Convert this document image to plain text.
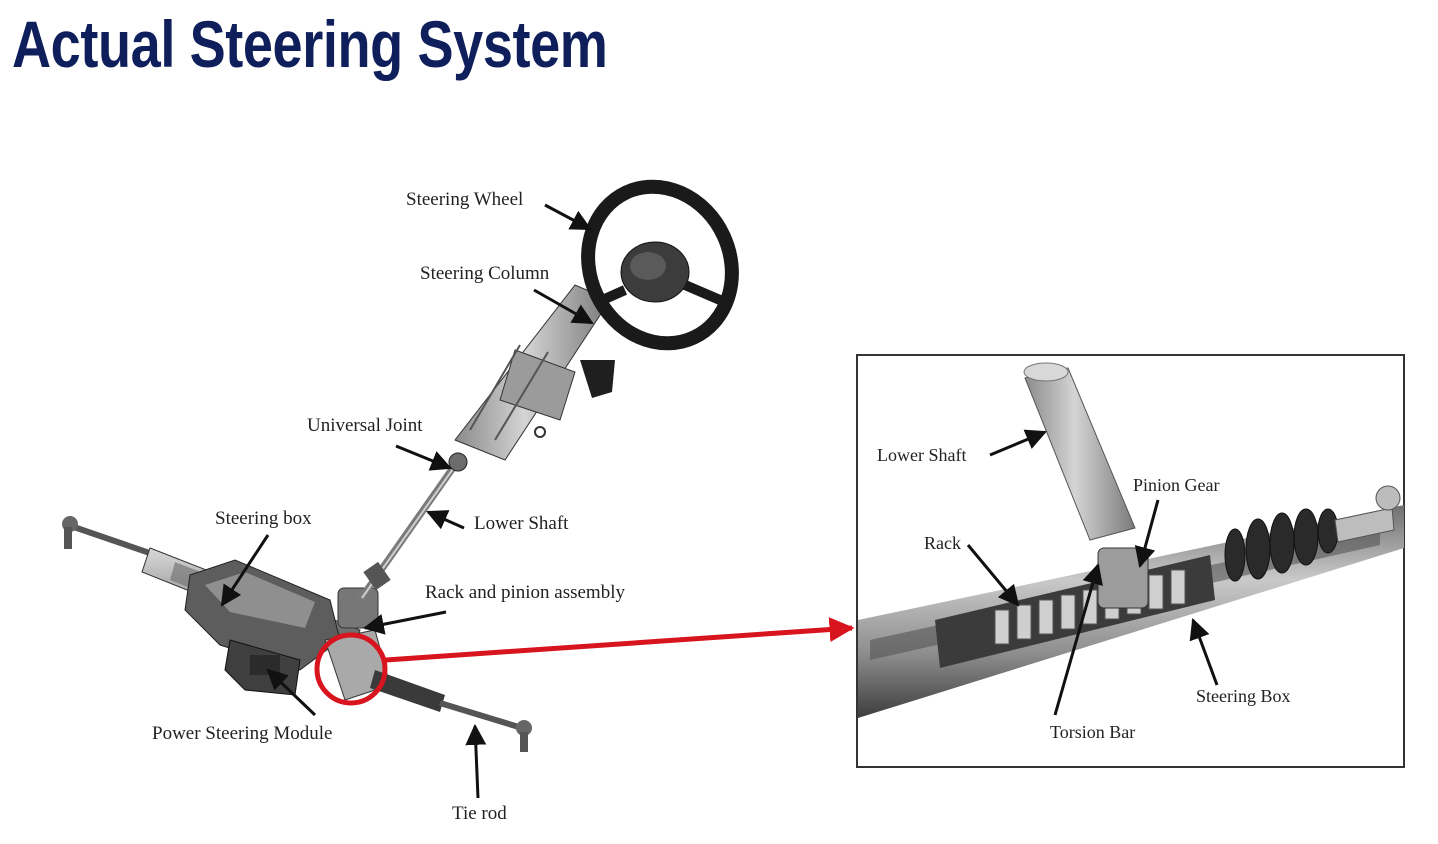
Actual Steering System
Steering Wheel
Steering Column
Universal Joint
Lower Shaft
Steering box
Rack and pinion assembly
Power Steering Module
Tie rod
Lower Shaft
Pinion Gear
Rack
Steering Box
Torsion Bar
